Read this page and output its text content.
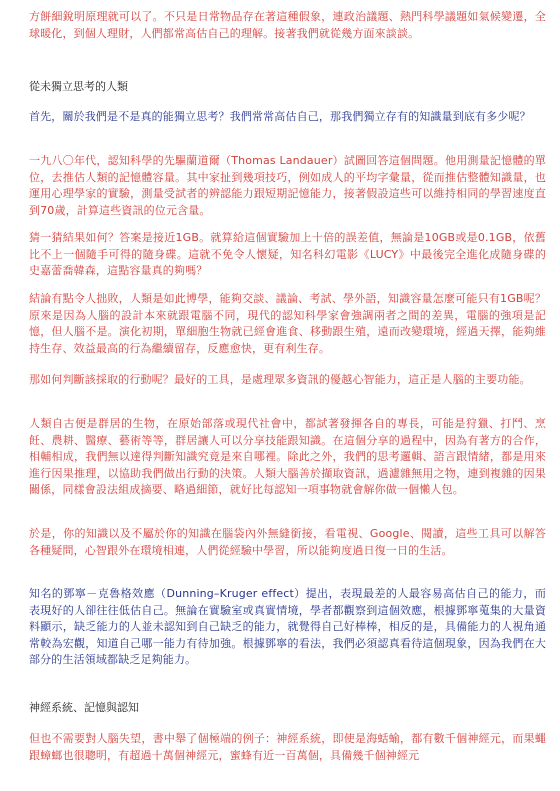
方餅細銳明原理就可以了。不只是日常物品存在著這種假象，連政治議題、熱門科學議題如氣候變遷，全球暖化，到個人理財，人們都常高估自己的理解。接著我們就從幾方面來談談。

從未獨立思考的人類

首先，關於我們是不是真的能獨立思考？我們常常高估自己，那我們獨立存有的知識量到底有多少呢？

一九八〇年代，認知科學的先驅蘭道爾（Thomas Landauer）試圖回答這個問題。他用測量記憶體的單位，去推估人類的記憶體容量。其中家扯到幾項技巧，例如成人的平均字彙量，從而推估整體知識量，也運用心理學家的實驗，測量受試者的辨認能力跟短期記憶能力，接著假設這些可以維持相同的學習速度直到70歲，計算這些資訊的位元含量。

猜一猜結果如何？答案是接近1GB。就算給這個實驗加上十倍的誤差值，無論是10GB或是0.1GB，依舊比不上一個隨手可得的隨身碟。這就不免令人懷疑，知名科幻電影《LUCY》中最後完全進化成隨身碟的史嘉蕾喬韓森，這點容量真的夠嗎？

結論有點令人拙敗，人類是如此博學，能夠交談、議論、考試、學外語，知識容量怎麼可能只有1GB呢？原來是因為人腦的設計本來就跟電腦不同，現代的認知科學家會強調兩者之間的差異，電腦的強項是記憶，但人腦不是。演化初期，單細胞生物就已經會進食、移動跟生殖，遠而改變環境，經過天擇，能夠維持生存、效益最高的行為繼續留存，反應愈快，更有利生存。

那如何判斷該採取的行動呢？最好的工具，是處理眾多資訊的優越心智能力，這正是人腦的主要功能。

人類自古便是群居的生物，在原始部落或現代社會中，都試著發揮各自的專長，可能是狩獵、打鬥、烹飪、農耕、醫療、藝術等等，群居讓人可以分享技能跟知識。在這個分享的過程中，因為有著方的合作，相輔相成，我們無以達得判斷知識究竟是來自哪裡。除此之外，我們的思考邏輯、語言跟情緒，都是用來進行因果推理，以協助我們做出行動的決策。人類大腦善於擷取資訊，過濾雜無用之物，連到複雜的因果關係，同樣會設法組成摘要、略過細節，就好比每認知一項事物就會解你做一個懶人包。

於是，你的知識以及不屬於你的知識在腦袋內外無縫銜接，看電視、Google、閱讀，這些工具可以解答各種疑問，心智跟外在環境相連，人們從經驗中學習，所以能夠度過日復一日的生活。

知名的鄧寧－克魯格效應（Dunning–Kruger effect）提出，表現最差的人最容易高估自己的能力，而表現好的人卻往往低估自己。無論在實驗室或真實情境，學者都觀察到這個效應，根據鄧寧蒐集的大量資料顯示，缺乏能力的人並未認知到自己缺乏的能力，就覺得自己好棒棒，相反的是，具備能力的人視角通常較為宏觀，知道自己哪一能力有待加強。根據鄧寧的看法，我們必須認真看待這個現象，因為我們在大部分的生活領域都缺乏足夠能力。

神經系統、記憶與認知

但也不需要對人腦失望，書中舉了個極端的例子：神經系統，即使是海蛞蝓，都有數千個神經元，而果蠅跟蟑螂也很聰明，有超過十萬個神經元，蜜蜂有近一百萬個，具備幾千個神經元
